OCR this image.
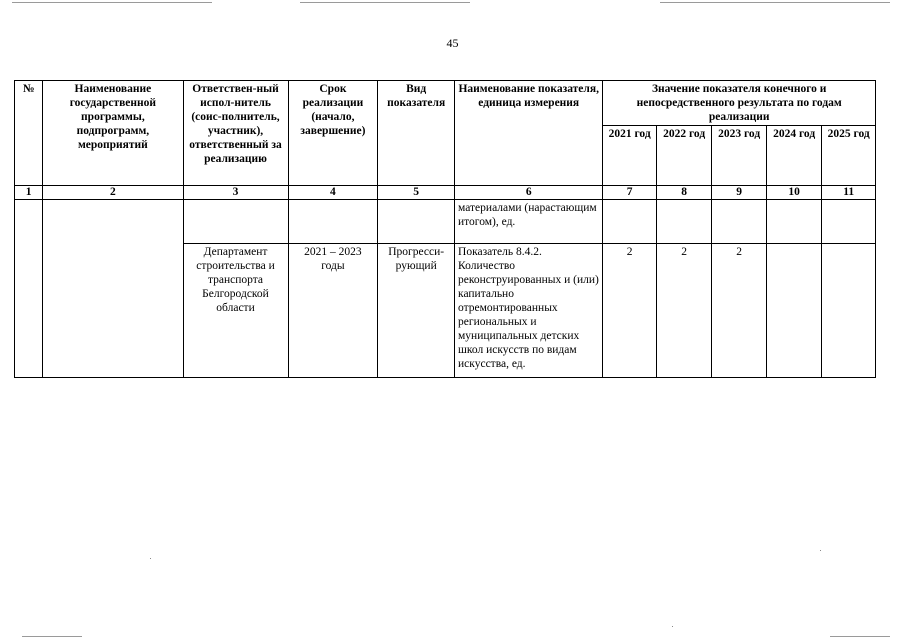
45
№	Наименование государственной программы, подпрограмм, мероприятий	Ответствен-ный испол-нитель (соис-полнитель, участник), ответственный за реализацию	Срок реализации (начало, завершение)	Вид показателя	Наименование показателя, единица измерения	Значение показателя конечного и непосредственного результата по годам реализации				
						2021 год	2022 год	2023 год	2024 год	2025 год
1	2	3	4	5	6	7	8	9	10	11
					материалами (нарастающим итогом), ед.					
		Департамент строительства и транспорта Белгородской области	2021 – 2023 годы	Прогресси-рующий	Показатель 8.4.2. Количество реконструированных и (или) капитально отремонтированных региональных и муниципальных детских школ искусств по видам искусства, ед.	2	2	2		
